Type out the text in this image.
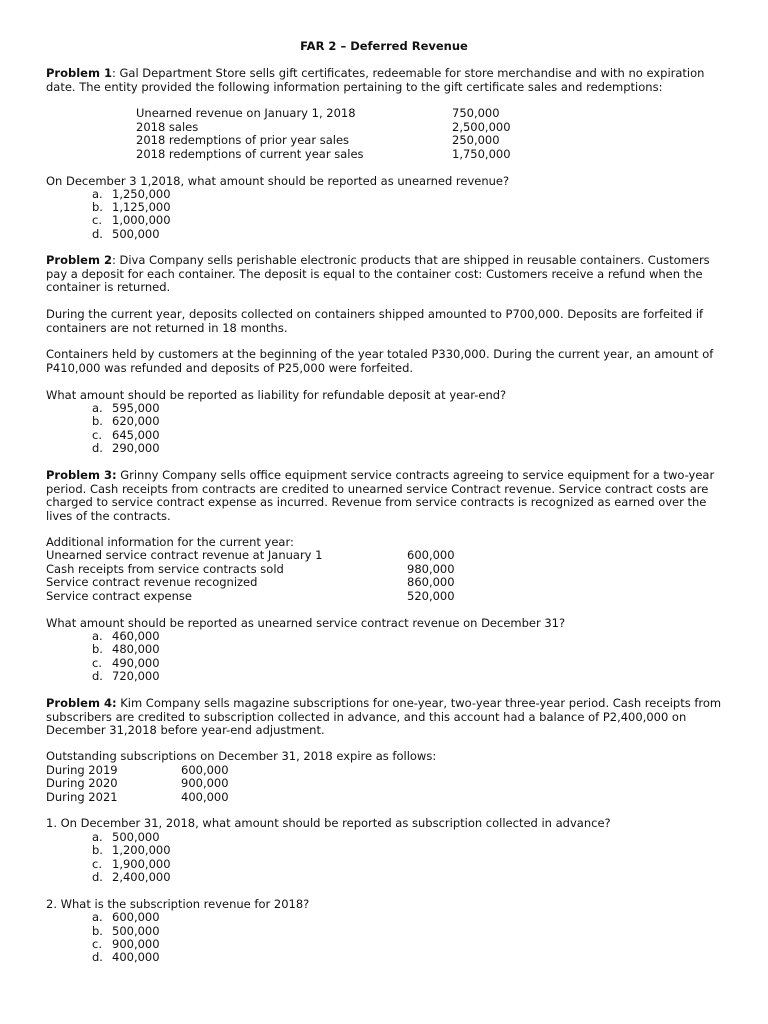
FAR 2 – Deferred Revenue
Problem 1: Gal Department Store sells gift certificates, redeemable for store merchandise and with no expiration date. The entity provided the following information pertaining to the gift certificate sales and redemptions:
Unearned revenue on January 1, 2018	750,000
2018 sales	2,500,000
2018 redemptions of prior year sales	250,000
2018 redemptions of current year sales	1,750,000
On December 3 1,2018, what amount should be reported as unearned revenue?
a. 1,250,000
b. 1,125,000
c. 1,000,000
d. 500,000
Problem 2: Diva Company sells perishable electronic products that are shipped in reusable containers. Customers pay a deposit for each container. The deposit is equal to the container cost: Customers receive a refund when the container is returned.
During the current year, deposits collected on containers shipped amounted to P700,000. Deposits are forfeited if containers are not returned in 18 months.
Containers held by customers at the beginning of the year totaled P330,000. During the current year, an amount of P410,000 was refunded and deposits of P25,000 were forfeited.
What amount should be reported as liability for refundable deposit at year-end?
a. 595,000
b. 620,000
c. 645,000
d. 290,000
Problem 3: Grinny Company sells office equipment service contracts agreeing to service equipment for a two-year period. Cash receipts from contracts are credited to unearned service Contract revenue. Service contract costs are charged to service contract expense as incurred. Revenue from service contracts is recognized as earned over the lives of the contracts.
Additional information for the current year:
Unearned service contract revenue at January 1	600,000
Cash receipts from service contracts sold	980,000
Service contract revenue recognized	860,000
Service contract expense	520,000
What amount should be reported as unearned service contract revenue on December 31?
a. 460,000
b. 480,000
c. 490,000
d. 720,000
Problem 4: Kim Company sells magazine subscriptions for one-year, two-year three-year period. Cash receipts from subscribers are credited to subscription collected in advance, and this account had a balance of P2,400,000 on December 31,2018 before year-end adjustment.
Outstanding subscriptions on December 31, 2018 expire as follows:
During 2019	600,000
During 2020	900,000
During 2021	400,000
1. On December 31, 2018, what amount should be reported as subscription collected in advance?
a. 500,000
b. 1,200,000
c. 1,900,000
d. 2,400,000
2. What is the subscription revenue for 2018?
a. 600,000
b. 500,000
c. 900,000
d. 400,000
